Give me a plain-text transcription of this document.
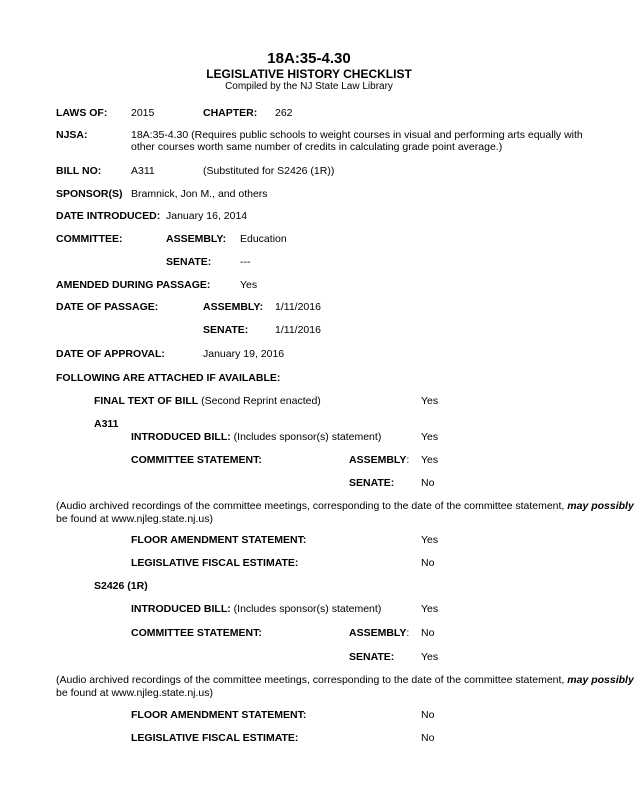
18A:35-4.30
LEGISLATIVE HISTORY CHECKLIST
Compiled by the NJ State Law Library
LAWS OF: 2015	CHAPTER: 262
NJSA:	18A:35-4.30 (Requires public schools to weight courses in visual and performing arts equally with other courses worth same number of credits in calculating grade point average.)
BILL NO:	A311	(Substituted for S2426 (1R))
SPONSOR(S) Bramnick, Jon M., and others
DATE INTRODUCED: January 16, 2014
COMMITTEE:	ASSEMBLY: Education
SENATE:	---
AMENDED DURING PASSAGE:	Yes
DATE OF PASSAGE:	ASSEMBLY: 1/11/2016
SENATE:	1/11/2016
DATE OF APPROVAL:	January 19, 2016
FOLLOWING ARE ATTACHED IF AVAILABLE:
FINAL TEXT OF BILL (Second Reprint enacted)	Yes
A311
INTRODUCED BILL: (Includes sponsor(s) statement)	Yes
COMMITTEE STATEMENT:	ASSEMBLY: Yes
SENATE:	No
(Audio archived recordings of the committee meetings, corresponding to the date of the committee statement, may possibly
be found at www.njleg.state.nj.us)
FLOOR AMENDMENT STATEMENT:	Yes
LEGISLATIVE FISCAL ESTIMATE:	No
S2426 (1R)
INTRODUCED BILL: (Includes sponsor(s) statement)	Yes
COMMITTEE STATEMENT:	ASSEMBLY: No
SENATE:	Yes
(Audio archived recordings of the committee meetings, corresponding to the date of the committee statement, may possibly
be found at www.njleg.state.nj.us)
FLOOR AMENDMENT STATEMENT:	No
LEGISLATIVE FISCAL ESTIMATE:	No
